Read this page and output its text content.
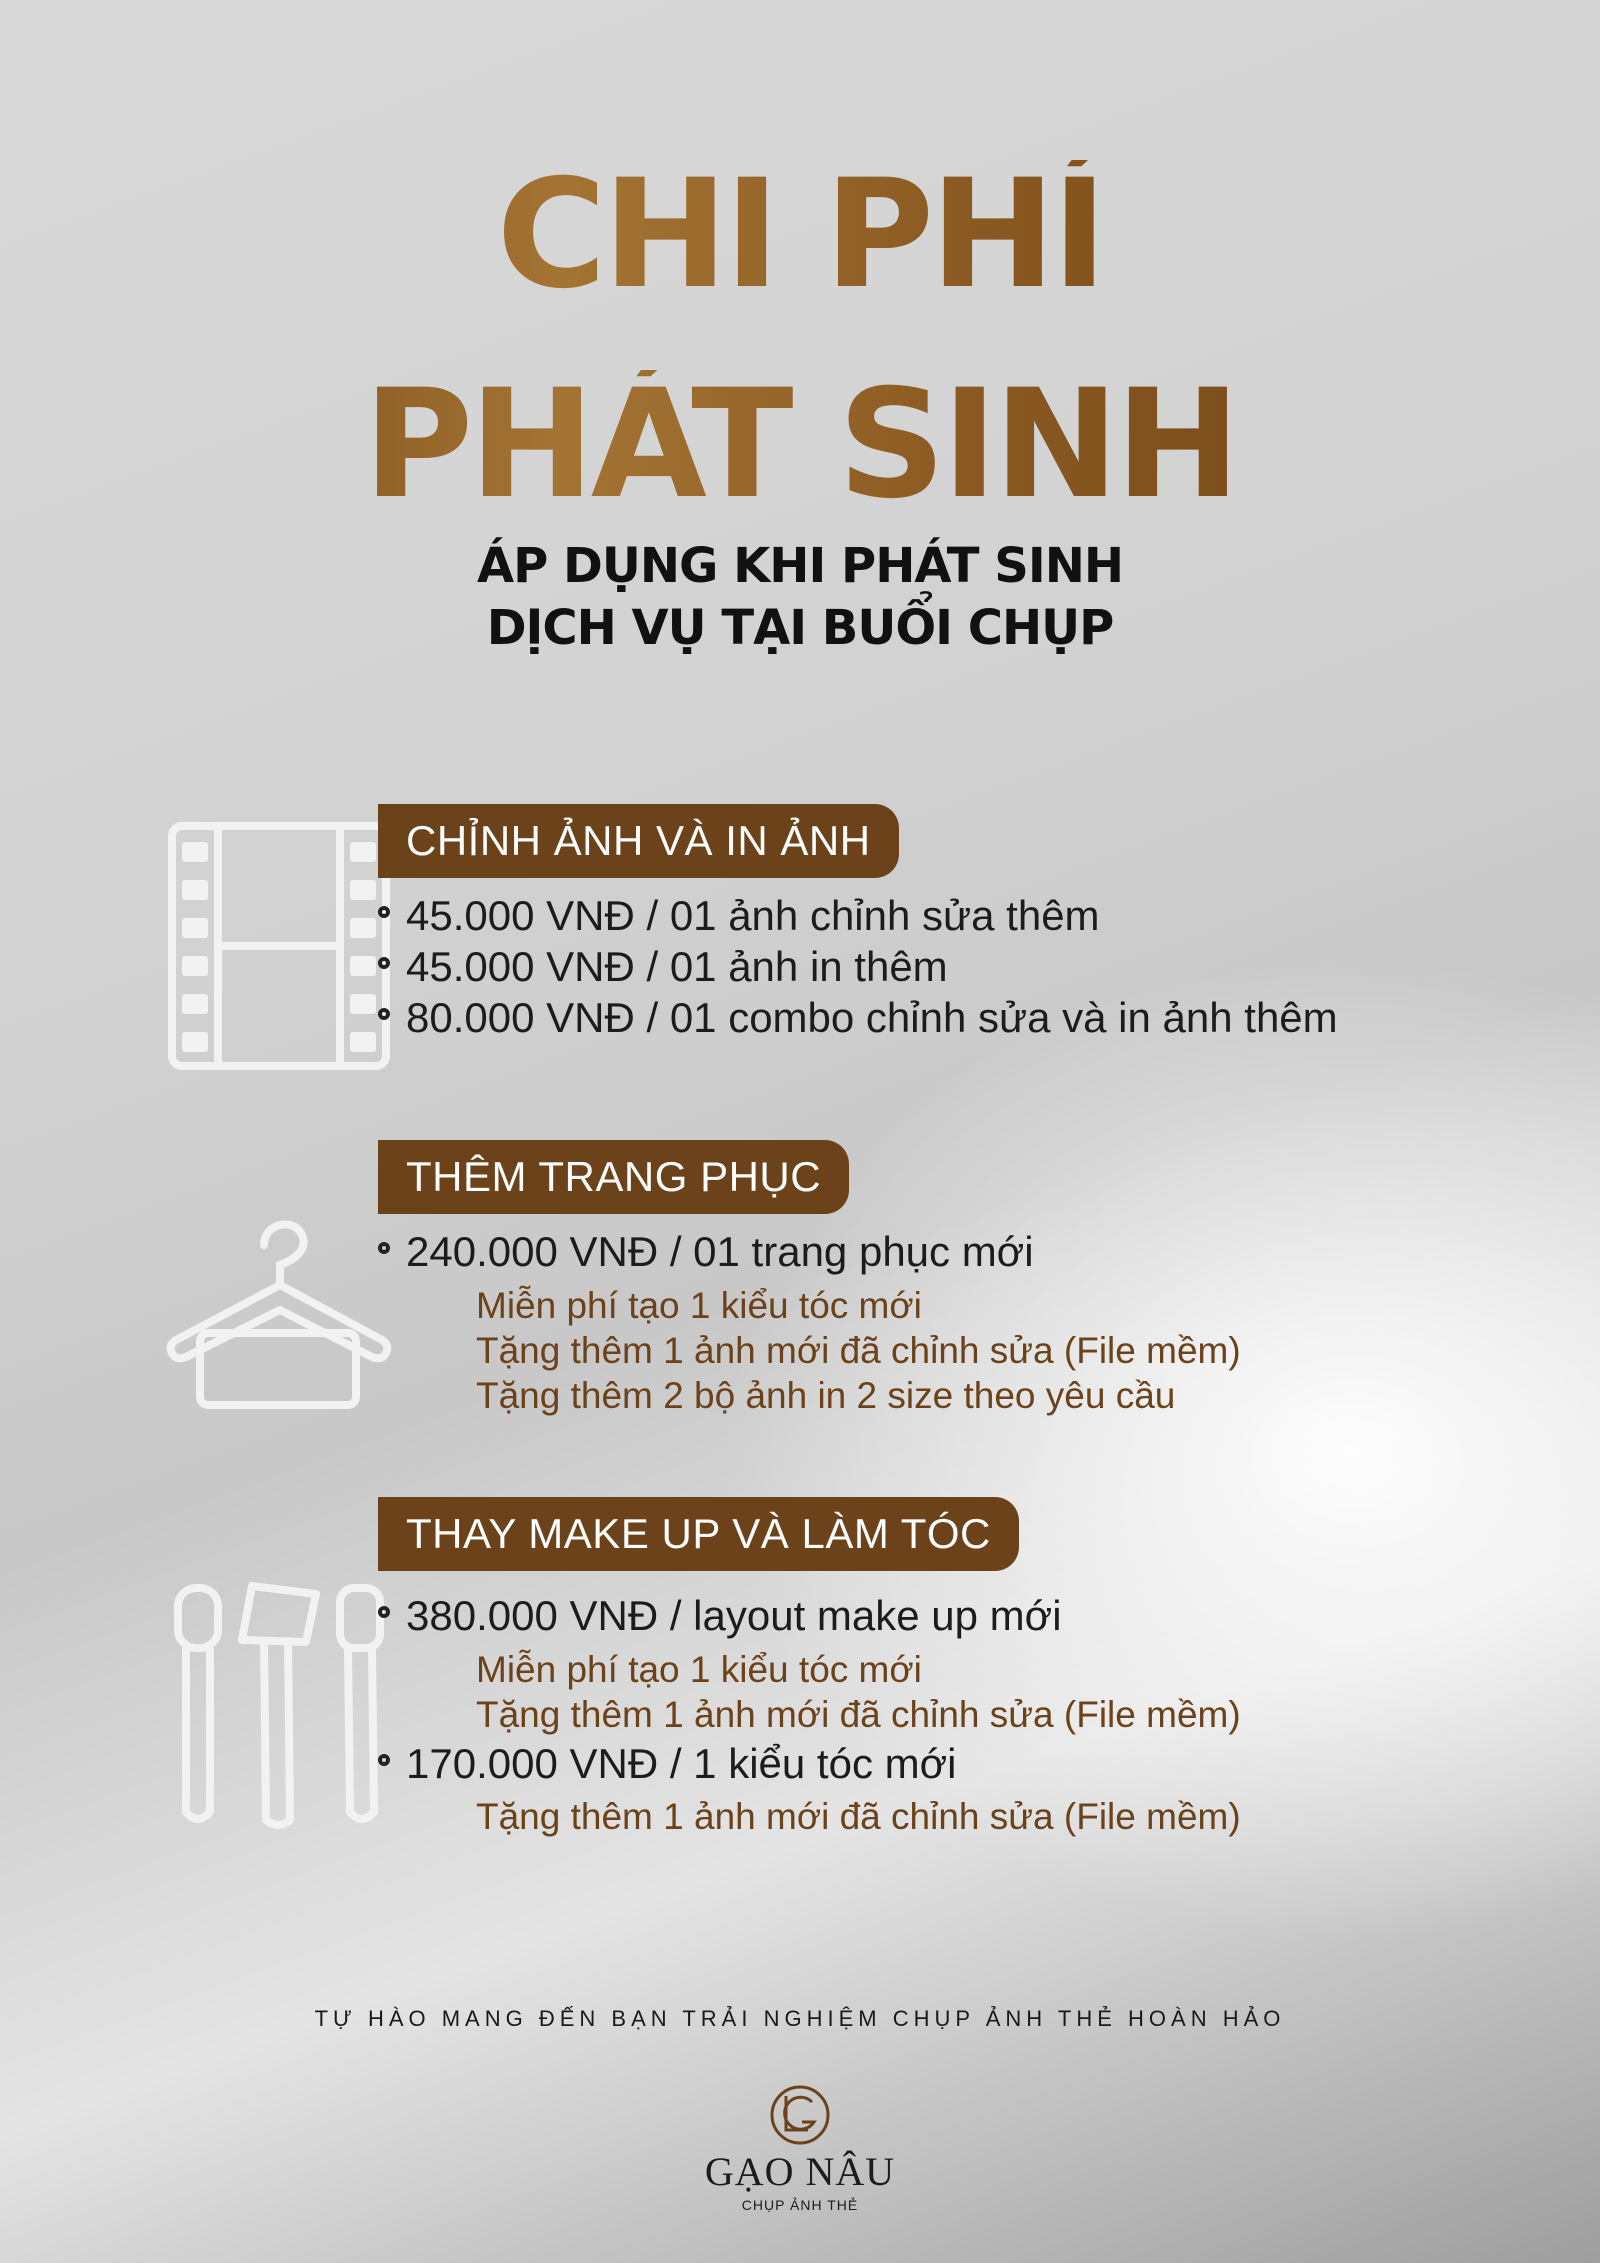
CHI PHÍ
PHÁT SINH
ÁP DỤNG KHI PHÁT SINH
DỊCH VỤ TẠI BUỔI CHỤP
CHỈNH ẢNH VÀ IN ẢNH
45.000 VNĐ / 01 ảnh chỉnh sửa thêm
45.000 VNĐ / 01 ảnh in thêm
80.000 VNĐ / 01 combo chỉnh sửa và in ảnh thêm
THÊM TRANG PHỤC
240.000 VNĐ / 01 trang phục mới
Miễn phí tạo 1 kiểu tóc mới
Tặng thêm 1 ảnh mới đã chỉnh sửa (File mềm)
Tặng thêm 2 bộ ảnh in 2 size theo yêu cầu
THAY MAKE UP VÀ LÀM TÓC
380.000 VNĐ / layout make up mới
Miễn phí tạo 1 kiểu tóc mới
Tặng thêm 1 ảnh mới đã chỉnh sửa (File mềm)
170.000 VNĐ / 1 kiểu tóc mới
Tặng thêm 1 ảnh mới đã chỉnh sửa (File mềm)
TỰ HÀO MANG ĐẾN BẠN TRẢI NGHIỆM CHỤP ẢNH THẺ HOÀN HẢO
GẠO NÂU
CHỤP ẢNH THẺ
